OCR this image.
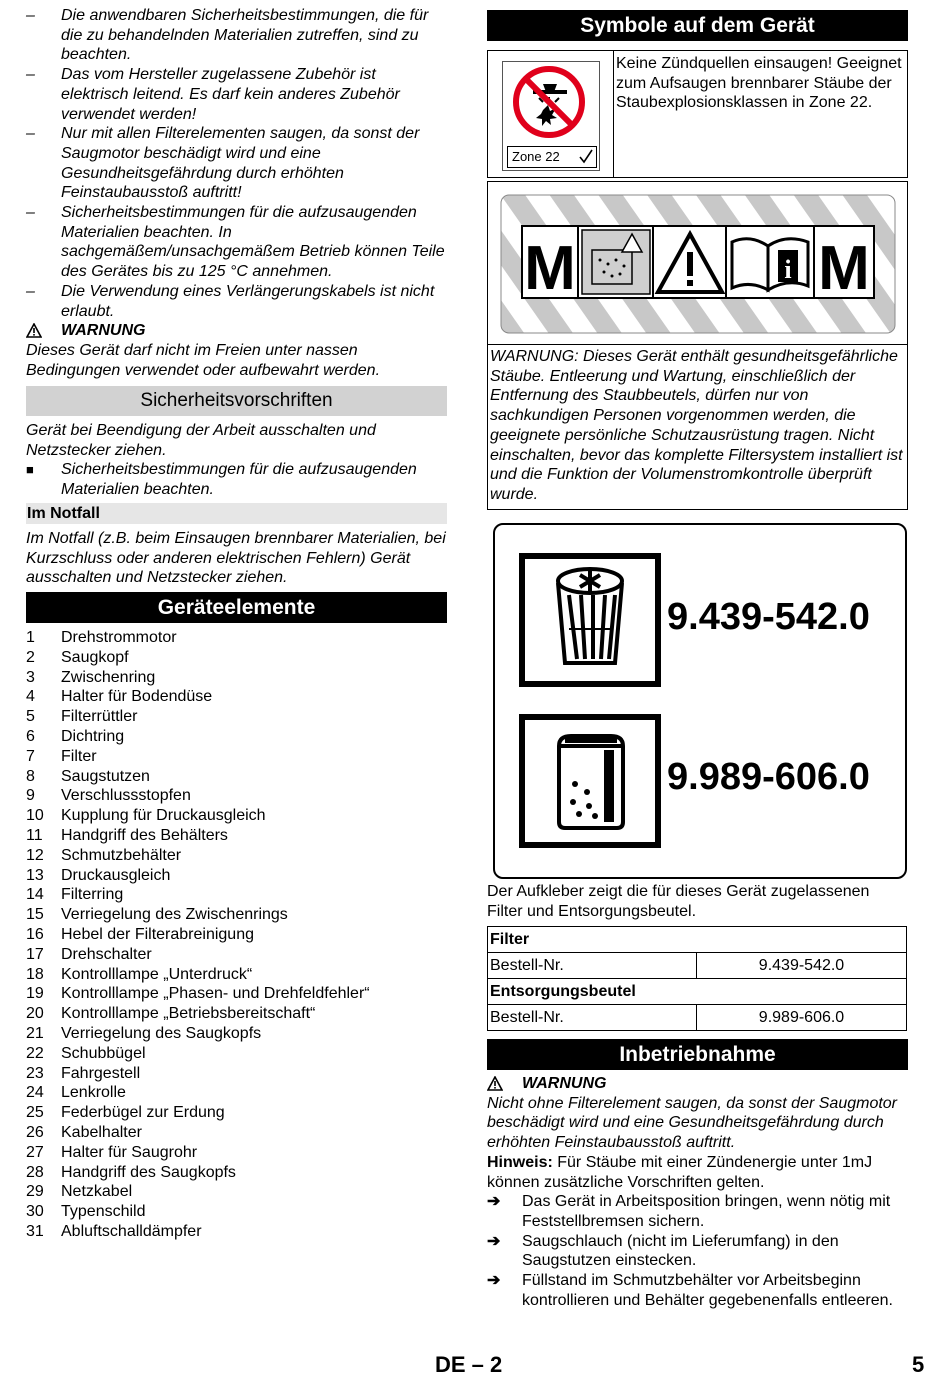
– Die anwendbaren Sicherheitsbestimmungen, die für die zu behandelnden Materialien zutreffen, sind zu beachten.

– Das vom Hersteller zugelassene Zubehör ist elektrisch leitend. Es darf kein anderes Zubehör verwendet werden!

– Nur mit allen Filterelementen saugen, da sonst der Saugmotor beschädigt wird und eine Gesundheitsgefährdung durch erhöhten Feinstaubausstoß auftritt!

– Sicherheitsbestimmungen für die aufzusaugenden Materialien beachten. In sachgemäßem/unsachgemäßem Betrieb können Teile des Gerätes bis zu 125 °C annehmen.

– Die Verwendung eines Verlängerungskabels ist nicht erlaubt.

WARNUNG

Dieses Gerät darf nicht im Freien unter nassen Bedingungen verwendet oder aufbewahrt werden.

Sicherheitsvorschriften

Gerät bei Beendigung der Arbeit ausschalten und Netzstecker ziehen.

■ Sicherheitsbestimmungen für die aufzusaugenden Materialien beachten.

Im Notfall

Im Notfall (z.B. beim Einsaugen brennbarer Materialien, bei Kurzschluss oder anderen elektrischen Fehlern) Gerät ausschalten und Netzstecker ziehen.

Geräteelemente
1 Drehstrommotor
2 Saugkopf
3 Zwischenring
4 Halter für Bodendüse
5 Filterrüttler
6 Dichtring
7 Filter
8 Saugstutzen
9 Verschlussstopfen
10 Kupplung für Druckausgleich
11 Handgriff des Behälters
12 Schmutzbehälter
13 Druckausgleich
14 Filterring
15 Verriegelung des Zwischenrings
16 Hebel der Filterabreinigung
17 Drehschalter
18 Kontrolllampe „Unterdruck“
19 Kontrolllampe „Phasen- und Drehfeldfehler“
20 Kontrolllampe „Betriebsbereitschaft“
21 Verriegelung des Saugkopfs
22 Schubbügel
23 Fahrgestell
24 Lenkrolle
25 Federbügel zur Erdung
26 Kabelhalter
27 Halter für Saugrohr
28 Handgriff des Saugkopfs
29 Netzkabel
30 Typenschild
31 Abluftschalldämpfer
Symbole auf dem Gerät
Zone 22

Keine Zündquellen einsaugen! Geeignet zum Aufsaugen brennbarer Stäube der Staubexplosionsklassen in Zone 22.

M	i M

WARNUNG: Dieses Gerät enthält gesundheitsgefährliche Stäube. Entleerung und Wartung, einschließlich der Entfernung des Staubbeutels, dürfen nur von sachkundigen Personen vorgenommen werden, die geeignete persönliche Schutzausrüstung tragen. Nicht einschalten, bevor das komplette Filtersystem installiert ist und die Funktion der Volumenstromkontrolle überprüft wurde.

9.439-542.0
9.989-606.0

Der Aufkleber zeigt die für dieses Gerät zugelassenen Filter und Entsorgungsbeutel.

Filter	
Bestell-Nr.	9.439-542.0
Entsorgungsbeutel	
Bestell-Nr.	9.989-606.0
Inbetriebnahme

WARNUNG

Nicht ohne Filterelement saugen, da sonst der Saugmotor beschädigt wird und eine Gesundheitsgefährdung durch erhöhten Feinstaubausstoß auftritt.

Hinweis: Für Stäube mit einer Zündenergie unter 1mJ können zusätzliche Vorschriften gelten.

➔ Das Gerät in Arbeitsposition bringen, wenn nötig mit Feststellbremsen sichern.

➔ Saugschlauch (nicht im Lieferumfang) in den Saugstutzen einstecken.

➔ Füllstand im Schmutzbehälter vor Arbeitsbeginn kontrollieren und Behälter gegebenenfalls entleeren.

DE – 2	5
